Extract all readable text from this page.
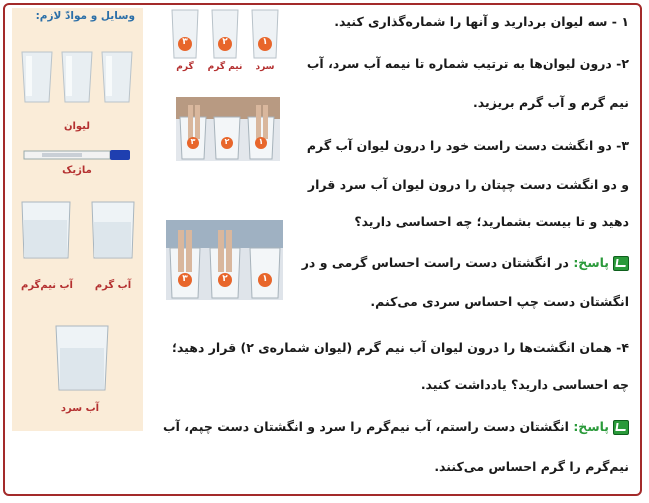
وسایل و موادّ لازم:
لیوان
ماژیک
آب گرم
آب نیم‌گرم
آب سرد
۳	۲	۱
گرم	نیم گرم	سرد
۳	۲	۱
۳	۲	۱
۱ - سه لیوان بردارید و آنها را شماره‌گذاری کنید.
۲- درون لیوان‌ها به ترتیب شماره تا نیمه آب سرد، آب
نیم گرم و آب گرم بریزید.
۳- دو انگشت دست راست خود را درون لیوان آب گرم
و دو انگشت دست چپتان را درون لیوان آب سرد قرار
دهید و تا بیست بشمارید؛ چه احساسی دارید؟
پاسخ: در انگشتان دست راست احساس گرمی و در
انگشتان دست چپ احساس سردی می‌کنم.
۴- همان انگشت‌ها را درون لیوان آب نیم گرم (لیوان شماره‌ی ۲) قرار دهید؛
چه احساسی دارید؟ یادداشت کنید.
پاسخ: انگشتان دست راستم، آب نیم‌گرم را سرد و انگشتان دست چپم، آب
نیم‌گرم را گرم احساس می‌کنند.
